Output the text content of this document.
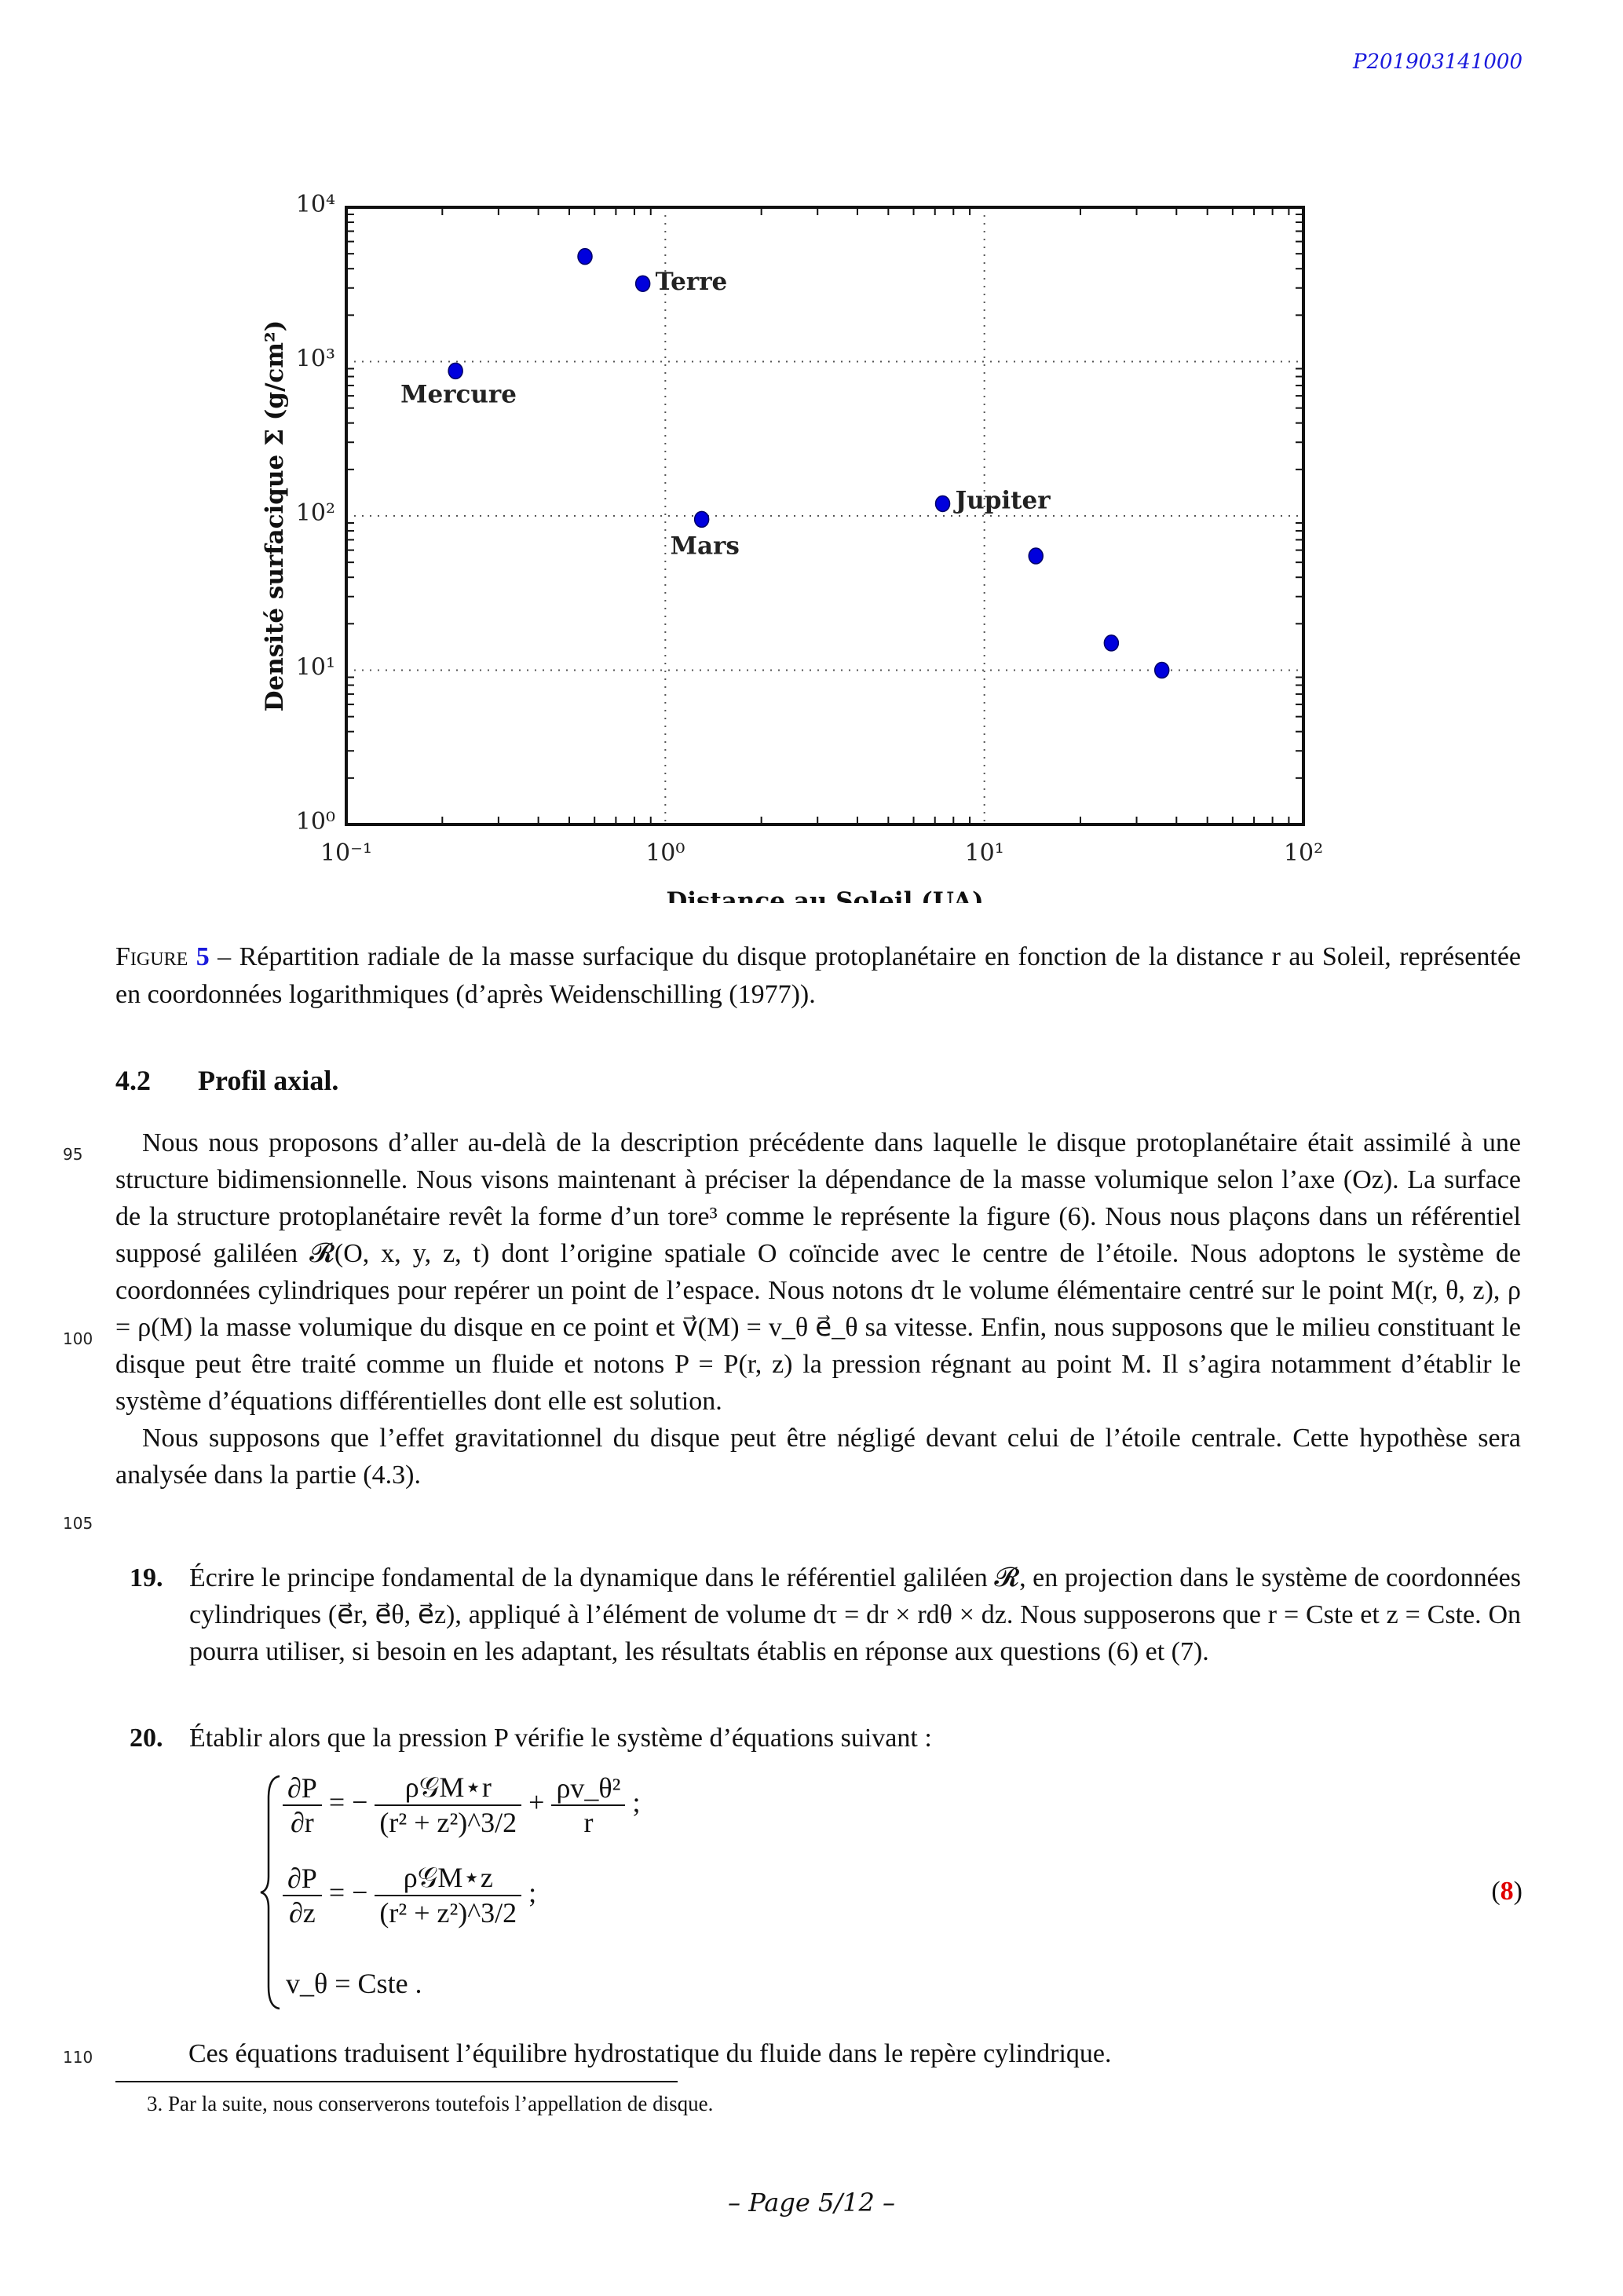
P201903141000
10⁻¹	10⁰	10¹	10²
10⁰
10¹
10²
10³
10⁴
Distance au Soleil (UA)
Densité surfacique Σ (g/cm²)	Mercure
Terre
Mars
Jupiter
Figure 5 – Répartition radiale de la masse surfacique du disque protoplanétaire en fonction de la distance r au Soleil, représentée en coordonnées logarithmiques (d’après Weidenschilling (1977)).
4.2 Profil axial.
95
100
105
110

Nous nous proposons d’aller au-delà de la description précédente dans laquelle le disque protoplanétaire était assimilé à une structure bidimensionnelle. Nous visons maintenant à préciser la dépendance de la masse volumique selon l’axe (Oz). La surface de la structure protoplanétaire revêt la forme d’un tore³ comme le représente la figure (6). Nous nous plaçons dans un référentiel supposé galiléen 𝓡(O, x, y, z, t) dont l’origine spatiale O coïncide avec le centre de l’étoile. Nous adoptons le système de coordonnées cylindriques pour repérer un point de l’espace. Nous notons dτ le volume élémentaire centré sur le point M(r, θ, z), ρ = ρ(M) la masse volumique du disque en ce point et v⃗(M) = v_θ e⃗_θ sa vitesse. Enfin, nous supposons que le milieu constituant le disque peut être traité comme un fluide et notons P = P(r, z) la pression régnant au point M. Il s’agira notamment d’établir le système d’équations différentielles dont elle est solution.

Nous supposons que l’effet gravitationnel du disque peut être négligé devant celui de l’étoile centrale. Cette hypothèse sera analysée dans la partie (4.3).

19. Écrire le principe fondamental de la dynamique dans le référentiel galiléen 𝓡, en projection dans le système de coordonnées cylindriques (e⃗r, e⃗θ, e⃗z), appliqué à l’élément de volume dτ = dr × rdθ × dz. Nous supposerons que r = Cste et z = Cste. On pourra utiliser, si besoin en les adaptant, les résultats établis en réponse aux questions (6) et (7).
20. Établir alors que la pression P vérifie le système d’équations suivant :
$\frac{\partial P}{\partial r}$ = − $\frac{\text{ρ𝒢M⋆r}}{\text{(r² + z²)\textasciicircum{}3/2}} + \frac{\text{ρv\_θ²}}{r}$ ;
$\frac{\partial P}{\partial z}$ = − $\frac{\text{ρ𝒢M⋆z}}{\text{(r² + z²)\textasciicircum{}3/2}}$ ;
v_θ = Cste .
(8)

Ces équations traduisent l’équilibre hydrostatique du fluide dans le repère cylindrique.

3. Par la suite, nous conserverons toutefois l’appellation de disque.
– Page 5/12 –
